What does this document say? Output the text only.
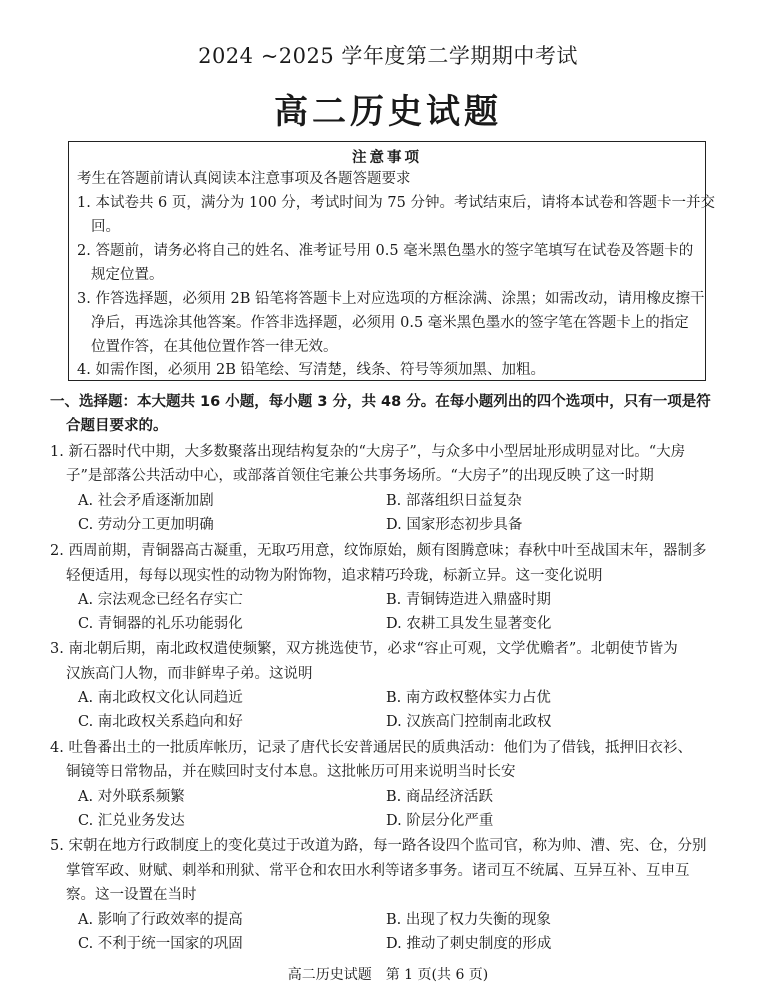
2024 ~2025 学年度第二学期期中考试
高二历史试题
注意事项
考生在答题前请认真阅读本注意事项及各题答题要求
1. 本试卷共 6 页，满分为 100 分，考试时间为 75 分钟。考试结束后，请将本试卷和答题卡一并交
回。
2. 答题前，请务必将自己的姓名、准考证号用 0.5 毫米黑色墨水的签字笔填写在试卷及答题卡的
规定位置。
3. 作答选择题，必须用 2B 铅笔将答题卡上对应选项的方框涂满、涂黑；如需改动，请用橡皮擦干
净后，再选涂其他答案。作答非选择题，必须用 0.5 毫米黑色墨水的签字笔在答题卡上的指定
位置作答，在其他位置作答一律无效。
4. 如需作图，必须用 2B 铅笔绘、写清楚，线条、符号等须加黑、加粗。
一、选择题：本大题共 16 小题，每小题 3 分，共 48 分。在每小题列出的四个选项中，只有一项是符
合题目要求的。
1. 新石器时代中期，大多数聚落出现结构复杂的“大房子”，与众多中小型居址形成明显对比。“大房
子”是部落公共活动中心，或部落首领住宅兼公共事务场所。“大房子”的出现反映了这一时期
A. 社会矛盾逐渐加剧	B. 部落组织日益复杂
C. 劳动分工更加明确	D. 国家形态初步具备
2. 西周前期，青铜器高古凝重，无取巧用意，纹饰原始，颇有图腾意味；春秋中叶至战国末年，器制多
轻便适用，每每以现实性的动物为附饰物，追求精巧玲珑，标新立异。这一变化说明
A. 宗法观念已经名存实亡	B. 青铜铸造进入鼎盛时期
C. 青铜器的礼乐功能弱化	D. 农耕工具发生显著变化
3. 南北朝后期，南北政权遣使频繁，双方挑选使节，必求“容止可观，文学优赡者”。北朝使节皆为
汉族高门人物，而非鲜卑子弟。这说明
A. 南北政权文化认同趋近	B. 南方政权整体实力占优
C. 南北政权关系趋向和好	D. 汉族高门控制南北政权
4. 吐鲁番出土的一批质库帐历，记录了唐代长安普通居民的质典活动：他们为了借钱，抵押旧衣衫、
铜镜等日常物品，并在赎回时支付本息。这批帐历可用来说明当时长安
A. 对外联系频繁	B. 商品经济活跃
C. 汇兑业务发达	D. 阶层分化严重
5. 宋朝在地方行政制度上的变化莫过于改道为路，每一路各设四个监司官，称为帅、漕、宪、仓，分别
掌管军政、财赋、刺举和刑狱、常平仓和农田水利等诸多事务。诸司互不统属、互异互补、互申互
察。这一设置在当时
A. 影响了行政效率的提高	B. 出现了权力失衡的现象
C. 不利于统一国家的巩固	D. 推动了刺史制度的形成
高二历史试题　第 1 页(共 6 页)
